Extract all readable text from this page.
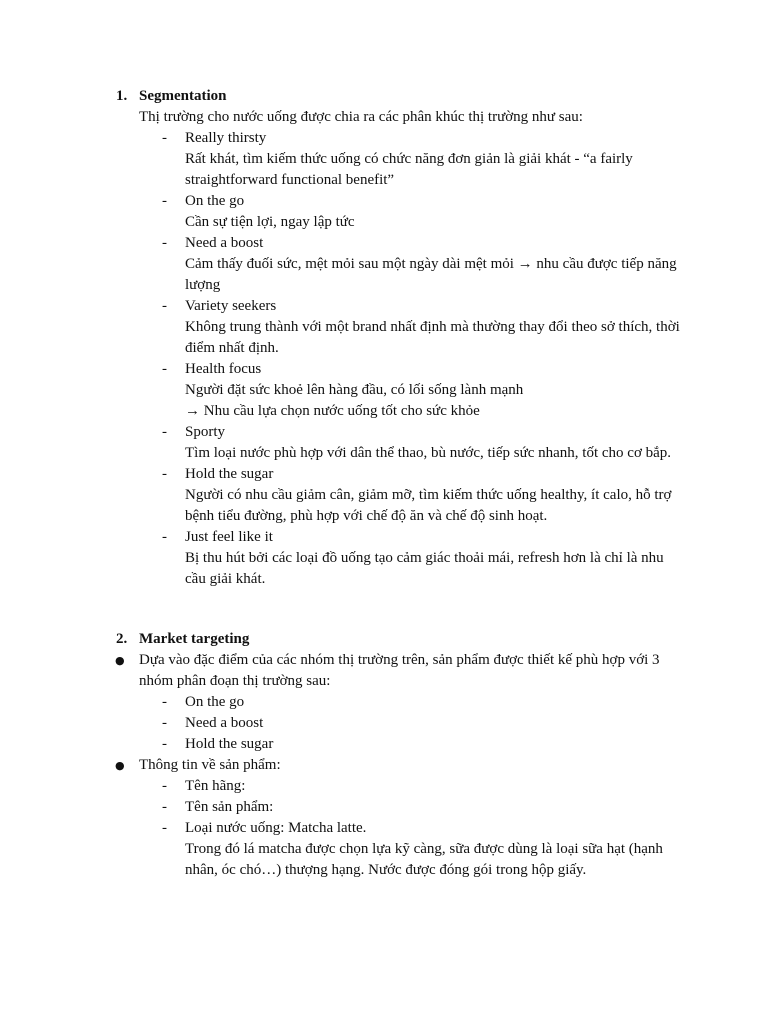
1. Segmentation
Thị trường cho nước uống được chia ra các phân khúc thị trường như sau:
- Really thirsty
Rất khát, tìm kiếm thức uống có chức năng đơn giản là giải khát - “a fairly straightforward functional benefit”
- On the go
Cần sự tiện lợi, ngay lập tức
- Need a boost
Cảm thấy đuối sức, mệt mỏi sau một ngày dài mệt mỏi → nhu cầu được tiếp năng lượng
- Variety seekers
Không trung thành với một brand nhất định mà thường thay đổi theo sở thích, thời điểm nhất định.
- Health focus
Người đặt sức khoẻ lên hàng đầu, có lối sống lành mạnh
→ Nhu cầu lựa chọn nước uống tốt cho sức khỏe
- Sporty
Tìm loại nước phù hợp với dân thể thao, bù nước, tiếp sức nhanh, tốt cho cơ bắp.
- Hold the sugar
Người có nhu cầu giảm cân, giảm mỡ, tìm kiếm thức uống healthy, ít calo, hỗ trợ bệnh tiểu đường, phù hợp với chế độ ăn và chế độ sinh hoạt.
- Just feel like it
Bị thu hút bởi các loại đồ uống tạo cảm giác thoải mái, refresh hơn là chỉ là nhu cầu giải khát.
2. Market targeting
● Dựa vào đặc điểm của các nhóm thị trường trên, sản phẩm được thiết kế phù hợp với 3 nhóm phân đoạn thị trường sau:
- On the go
- Need a boost
- Hold the sugar
● Thông tin về sản phẩm:
- Tên hãng:
- Tên sản phẩm:
- Loại nước uống: Matcha latte.
Trong đó lá matcha được chọn lựa kỹ càng, sữa được dùng là loại sữa hạt (hạnh nhân, óc chó…) thượng hạng. Nước được đóng gói trong hộp giấy.
